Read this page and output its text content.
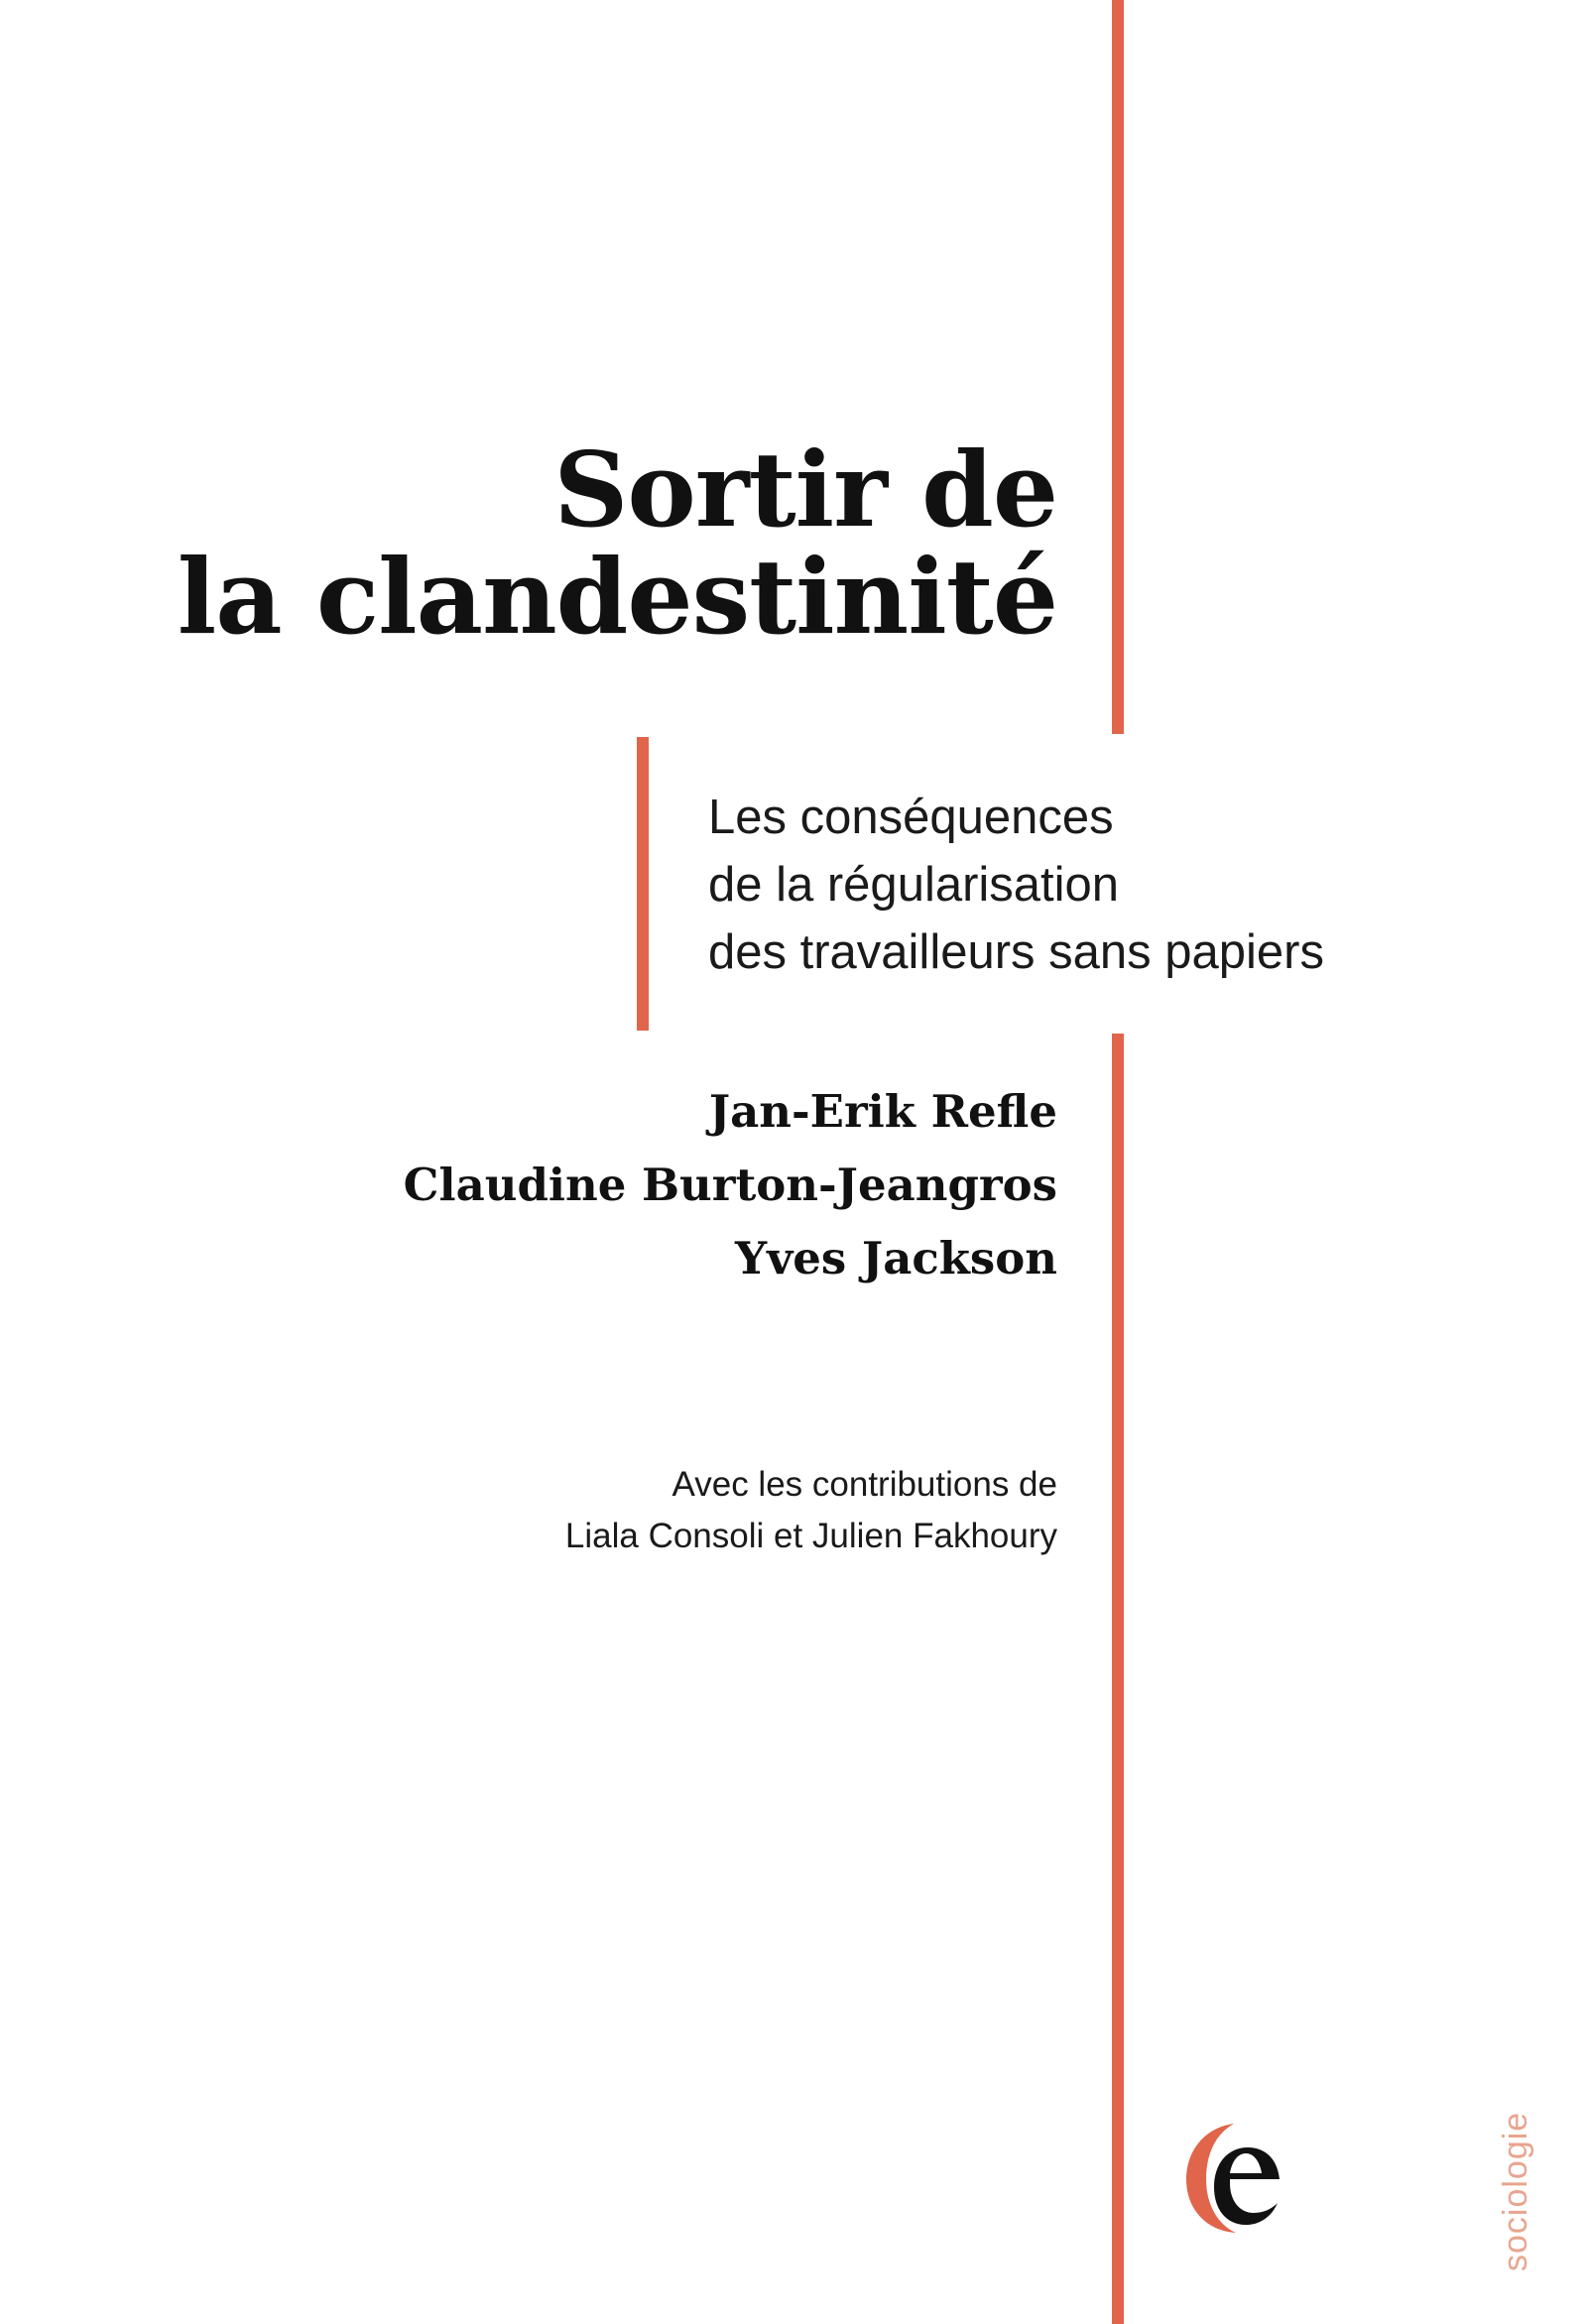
Sortir de
la clandestinité
Les conséquences
de la régularisation
des travailleurs sans papiers
Jan-Erik Refle
Claudine Burton-Jeangros
Yves Jackson
Avec les contributions de
Liala Consoli et Julien Fakhoury
sociologie
